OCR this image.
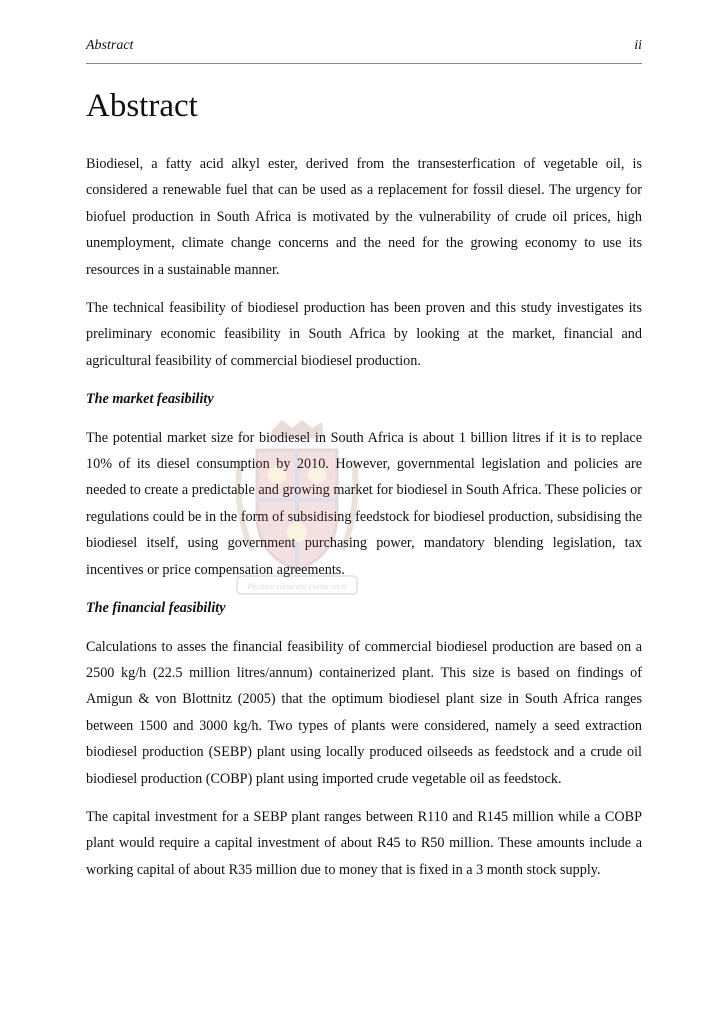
Abstract	ii
Abstract

Biodiesel, a fatty acid alkyl ester, derived from the transesterfication of vegetable oil, is considered a renewable fuel that can be used as a replacement for fossil diesel. The urgency for biofuel production in South Africa is motivated by the vulnerability of crude oil prices, high unemployment, climate change concerns and the need for the growing economy to use its resources in a sustainable manner.

The technical feasibility of biodiesel production has been proven and this study investigates its preliminary economic feasibility in South Africa by looking at the market, financial and agricultural feasibility of commercial biodiesel production.

The market feasibility

The potential market size for biodiesel in South Africa is about 1 billion litres if it is to replace 10% of its diesel consumption by 2010. However, governmental legislation and policies are needed to create a predictable and growing market for biodiesel in South Africa. These policies or regulations could be in the form of subsidising feedstock for biodiesel production, subsidising the biodiesel itself, using government purchasing power, mandatory blending legislation, tax incentives or price compensation agreements.

The financial feasibility

Calculations to asses the financial feasibility of commercial biodiesel production are based on a 2500 kg/h (22.5 million litres/annum) containerized plant. This size is based on findings of Amigun & von Blottnitz (2005) that the optimum biodiesel plant size in South Africa ranges between 1500 and 3000 kg/h. Two types of plants were considered, namely a seed extraction biodiesel production (SEBP) plant using locally produced oilseeds as feedstock and a crude oil biodiesel production (COBP) plant using imported crude vegetable oil as feedstock.

The capital investment for a SEBP plant ranges between R110 and R145 million while a COBP plant would require a capital investment of about R45 to R50 million. These amounts include a working capital of about R35 million due to money that is fixed in a 3 month stock supply.

Pectora roborant cultus recti
